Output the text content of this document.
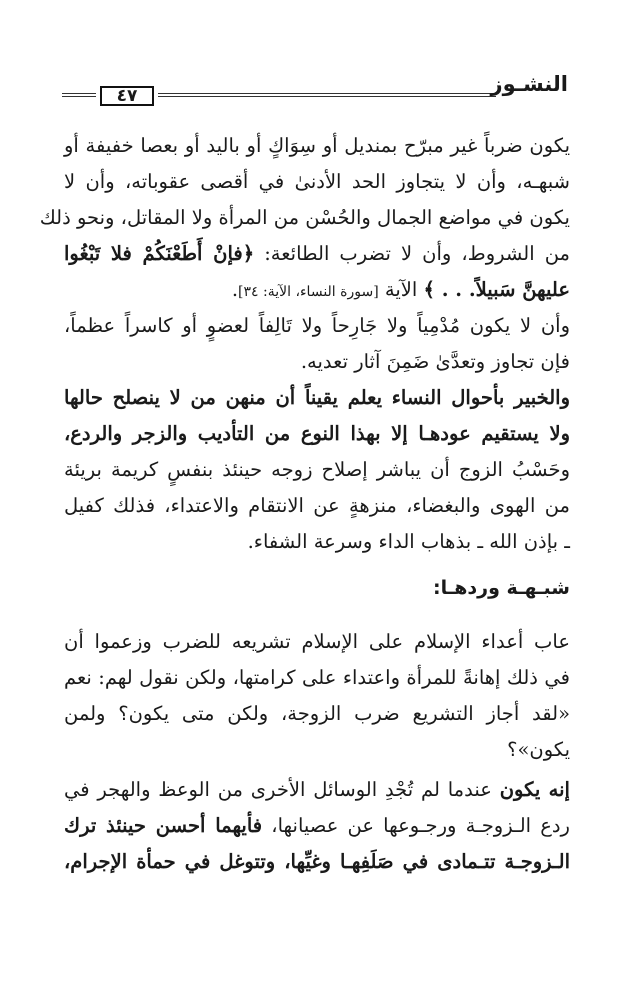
٤٧	النشـوز
يكون ضرباً غير مبرّح بمنديل أو سِوَاكٍ أو باليد أو بعصا خفيفة أو
شبهـه، وأن لا يتجاوز الحد الأدنىٰ في أقصى عقوباته، وأن لا
يكون في مواضع الجمال والحُسْن من المرأة ولا المقاتل، ونحو ذلك
من الشروط، وأن لا تضرب الطائعة: ﴿فإنْ أَطَعْنَكُمْ فلا تَبْغُوا
عليهنَّ سَبيلاً. . . ﴾ الآية [سورة النساء، الآية: ٣٤].
وأن لا يكون مُدْمِياً ولا جَارِحاً ولا تَالِفاً لعضوٍ أو كاسراً عظماً،
فإن تجاوز وتعدَّىٰ ضَمِنَ آثار تعديه.
والخبير بأحوال النساء يعلم يقيناً أن منهن من لا ينصلح حالها
ولا يستقيم عودهـا إلا بهذا النوع من التأديب والزجر والردع،
وحَسْبُ الزوج أن يباشر إصلاح زوجه حينئذ بنفسٍ كريمة بريئة
من الهوى والبغضاء، منزهةٍ عن الانتقام والاعتداء، فذلك كفيل
ـ بإذن الله ـ بذهاب الداء وسرعة الشفاء.
شبـهـة وردهـا:
عاب أعداء الإسلام على الإسلام تشريعه للضرب وزعموا أن
في ذلك إهانةً للمرأة واعتداء على كرامتها، ولكن نقول لهم: نعم
«لقد أجاز التشريع ضرب الزوجة، ولكن متى يكون؟ ولمن
يكون»؟
إنه يكون عندما لم تُجْدِ الوسائل الأخرى من الوعظ والهجر في
ردع الـزوجـة ورجـوعها عن عصيانها، فأيهما أحسن حينئذ ترك
الـزوجـة تتـمادى في صَلَفِهـا وغيِّها، وتتوغل في حمأة الإجرام،
